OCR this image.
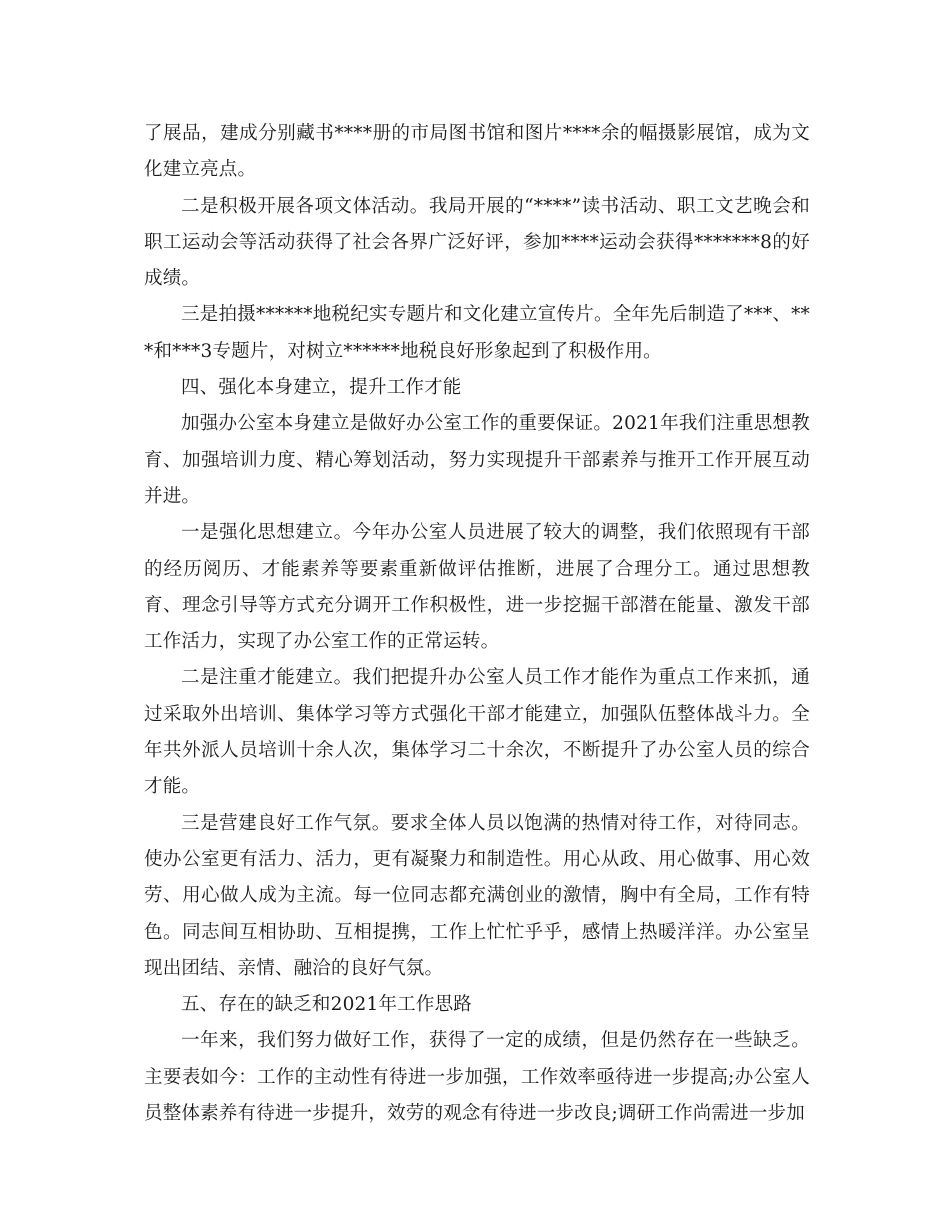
了展品，建成分别藏书****册的市局图书馆和图片****余的幅摄影展馆，成为文化建立亮点。

二是积极开展各项文体活动。我局开展的“****”读书活动、职工文艺晚会和职工运动会等活动获得了社会各界广泛好评，参加****运动会获得*******8的好成绩。

三是拍摄******地税纪实专题片和文化建立宣传片。全年先后制造了***、***和***3专题片，对树立******地税良好形象起到了积极作用。

四、强化本身建立，提升工作才能

加强办公室本身建立是做好办公室工作的重要保证。2021年我们注重思想教育、加强培训力度、精心筹划活动，努力实现提升干部素养与推开工作开展互动并进。

一是强化思想建立。今年办公室人员进展了较大的调整，我们依照现有干部的经历阅历、才能素养等要素重新做评估推断，进展了合理分工。通过思想教育、理念引导等方式充分调开工作积极性，进一步挖掘干部潜在能量、激发干部工作活力，实现了办公室工作的正常运转。

二是注重才能建立。我们把提升办公室人员工作才能作为重点工作来抓，通过采取外出培训、集体学习等方式强化干部才能建立，加强队伍整体战斗力。全年共外派人员培训十余人次，集体学习二十余次，不断提升了办公室人员的综合才能。

三是营建良好工作气氛。要求全体人员以饱满的热情对待工作，对待同志。使办公室更有活力、活力，更有凝聚力和制造性。用心从政、用心做事、用心效劳、用心做人成为主流。每一位同志都充满创业的激情，胸中有全局，工作有特色。同志间互相协助、互相提携，工作上忙忙乎乎，感情上热暖洋洋。办公室呈现出团结、亲情、融洽的良好气氛。

五、存在的缺乏和2021年工作思路

一年来，我们努力做好工作，获得了一定的成绩，但是仍然存在一些缺乏。主要表如今：工作的主动性有待进一步加强，工作效率亟待进一步提高;办公室人员整体素养有待进一步提升，效劳的观念有待进一步改良;调研工作尚需进一步加
